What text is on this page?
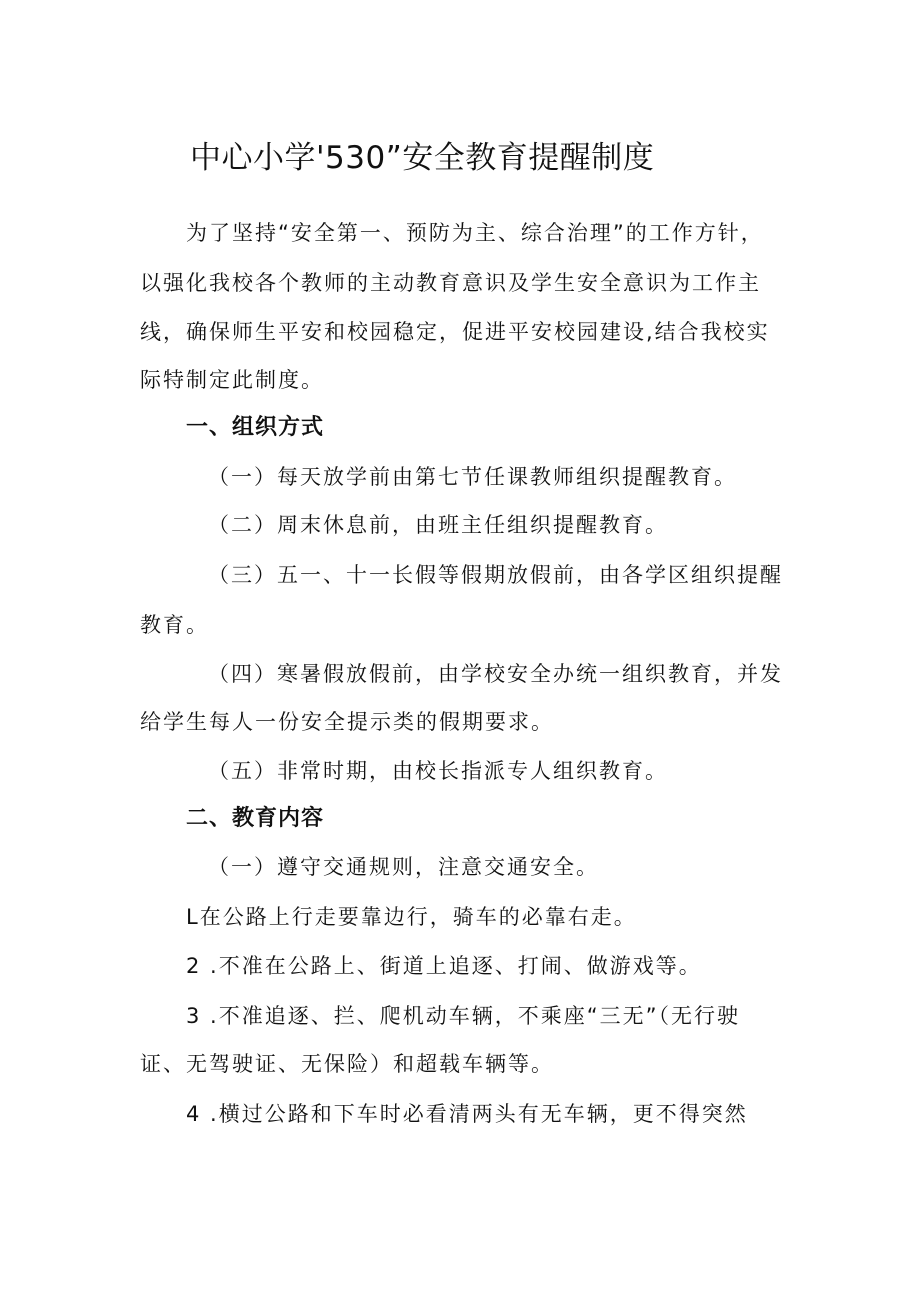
中心小学'530”安全教育提醒制度
为了坚持“安全第一、预防为主、综合治理”的工作方针，
以强化我校各个教师的主动教育意识及学生安全意识为工作主
线，确保师生平安和校园稳定，促进平安校园建设,结合我校实
际特制定此制度。
一、组织方式
（一）每天放学前由第七节任课教师组织提醒教育。
（二）周末休息前，由班主任组织提醒教育。
（三）五一、十一长假等假期放假前，由各学区组织提醒
教育。
（四）寒暑假放假前，由学校安全办统一组织教育，并发
给学生每人一份安全提示类的假期要求。
（五）非常时期，由校长指派专人组织教育。
二、教育内容
（一）遵守交通规则，注意交通安全。
L在公路上行走要靠边行，骑车的必靠右走。
2 .不准在公路上、街道上追逐、打闹、做游戏等。
3 .不准追逐、拦、爬机动车辆，不乘座“三无”（无行驶
证、无驾驶证、无保险）和超载车辆等。
4 .横过公路和下车时必看清两头有无车辆，更不得突然
